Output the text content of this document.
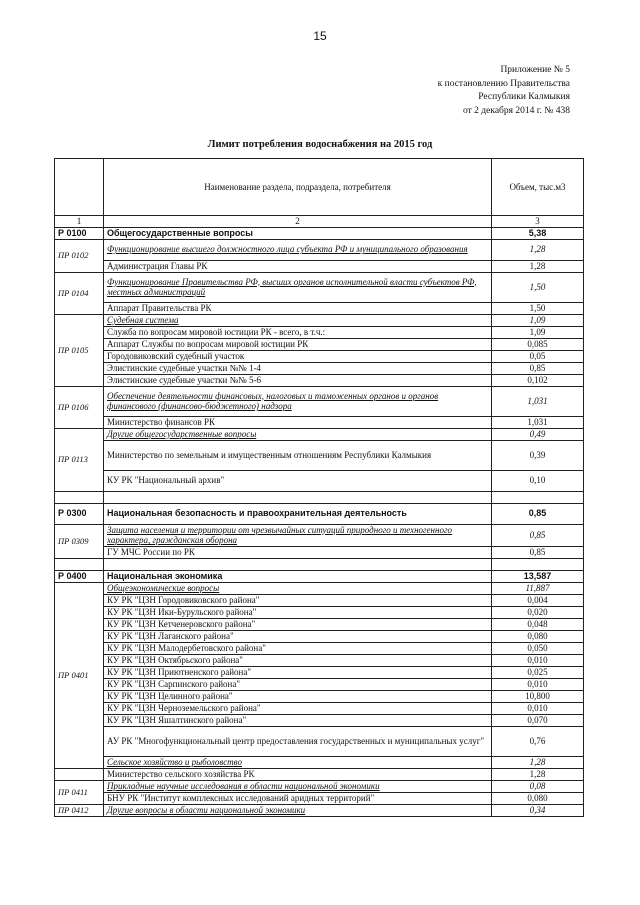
15
Приложение № 5
к постановлению Правительства
Республики Калмыкия
от 2 декабря 2014 г. № 438
Лимит потребления водоснабжения на 2015 год
	Наименование раздела, подраздела, потребителя	Объем, тыс.м3
1	2	3
Р 0100	Общегосударственные вопросы	5,38
ПР 0102	Функционирование высшего должностного лица субъекта РФ и муниципального образования	1,28
	Администрация Главы РК	1,28
ПР 0104	Функционирование Правительства РФ, высших органов исполнительной власти субъектов РФ, местных администраций	1,50
	Аппарат Правительства РК	1,50
ПР 0105	Судебная система	1,09
	Служба по вопросам мировой юстиции РК - всего, в т.ч.:	1,09
	Аппарат Службы по вопросам мировой юстиции РК	0,085
	Городовиковский судебный участок	0,05
	Элистинские судебные участки №№ 1-4	0,85
	Элистинские судебные участки №№ 5-6	0,102
ПР 0106	Обеспечение деятельности финансовых, налоговых и таможенных органов и органов финансового (финансово-бюджетного) надзора	1,031
	Министерство финансов РК	1,031
ПР 0113	Другие общегосударственные вопросы	0,49
	Министерство по земельным и имущественным отношениям Республики Калмыкия	0,39
	КУ РК "Национальный архив"	0,10

Р 0300	Национальная безопасность и правоохранительная деятельность	0,85
ПР 0309	Защита населения и территории от чрезвычайных ситуаций природного и техногенного характера, гражданская оборона	0,85
	ГУ МЧС России по РК	0,85

Р 0400	Национальная экономика	13,587
ПР 0401	Общеэкономические вопросы	11,887
	КУ РК "ЦЗН Городовиковского района"	0,004
	КУ РК "ЦЗН Ики-Бурульского района"	0,020
	КУ РК "ЦЗН Кетченеровского района"	0,048
	КУ РК "ЦЗН Лаганского района"	0,080
	КУ РК "ЦЗН Малодербетовского района"	0,050
	КУ РК "ЦЗН Октябрьского района"	0,010
	КУ РК "ЦЗН Приютненского района"	0,025
	КУ РК "ЦЗН Сарпинского района"	0,010
	КУ РК "ЦЗН Целинного района"	10,800
	КУ РК "ЦЗН Черноземельского района"	0,010
	КУ РК "ЦЗН Яшалтинского района"	0,070
	АУ РК "Многофункциональный центр предоставления государственных и муниципальных услуг"	0,76
	Сельское хозяйство и рыболовство	1,28
	Министерство сельского хозяйства РК	1,28
ПР 0411	Прикладные научные исследования в области национальной экономики	0,08
	БНУ РК "Институт комплексных исследований аридных территорий"	0,080
ПР 0412	Другие вопросы в области национальной экономики	0,34
